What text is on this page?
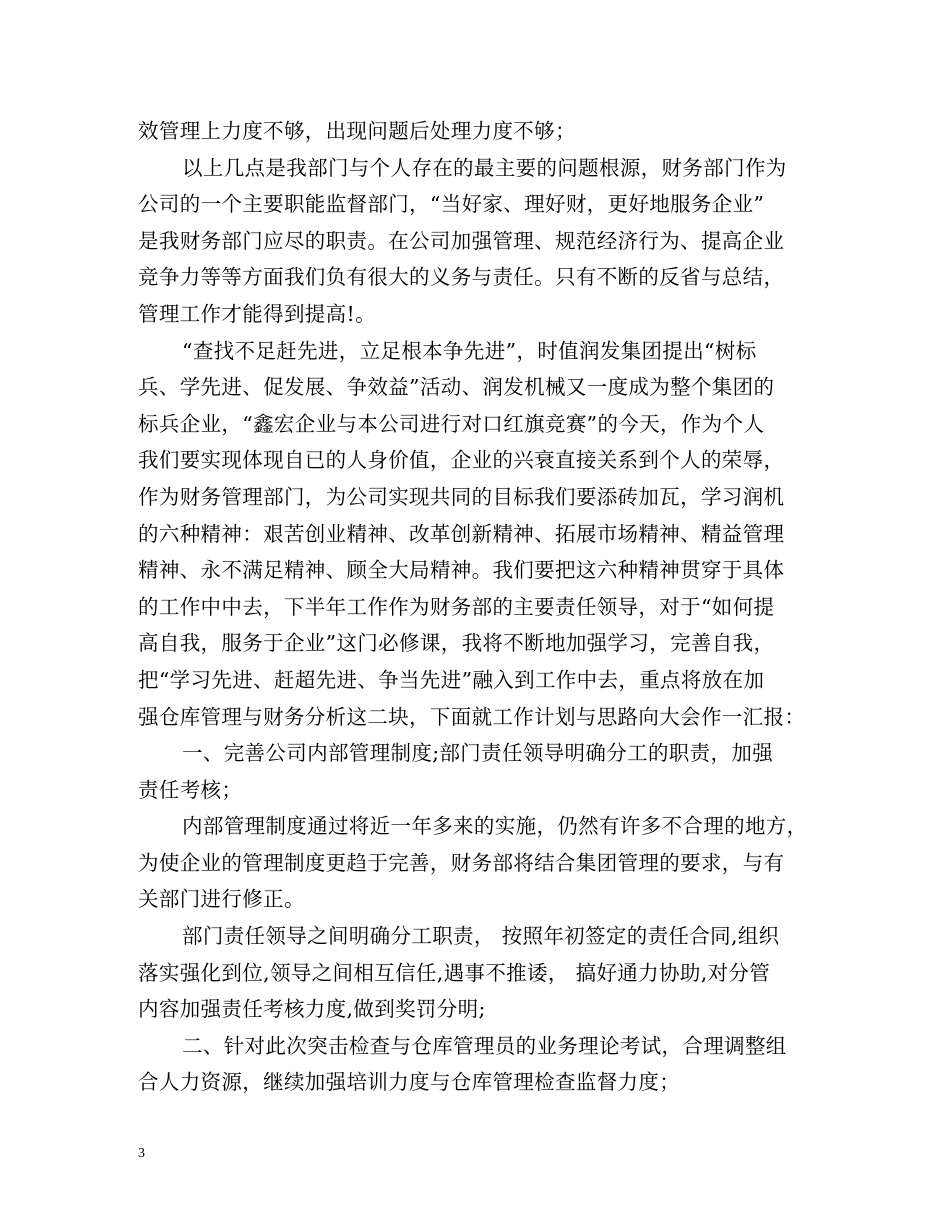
效管理上力度不够，出现问题后处理力度不够；
以上几点是我部门与个人存在的最主要的问题根源，财务部门作为
公司的一个主要职能监督部门，“当好家、理好财，更好地服务企业”
是我财务部门应尽的职责。在公司加强管理、规范经济行为、提高企业
竞争力等等方面我们负有很大的义务与责任。只有不断的反省与总结，
管理工作才能得到提高!。
“查找不足赶先进，立足根本争先进”，时值润发集团提出“树标
兵、学先进、促发展、争效益”活动、润发机械又一度成为整个集团的
标兵企业，“鑫宏企业与本公司进行对口红旗竞赛”的今天，作为个人
我们要实现体现自已的人身价值，企业的兴衰直接关系到个人的荣辱，
作为财务管理部门，为公司实现共同的目标我们要添砖加瓦，学习润机
的六种精神：艰苦创业精神、改革创新精神、拓展市场精神、精益管理
精神、永不满足精神、顾全大局精神。我们要把这六种精神贯穿于具体
的工作中中去，下半年工作作为财务部的主要责任领导，对于“如何提
高自我，服务于企业”这门必修课，我将不断地加强学习，完善自我，
把“学习先进、赶超先进、争当先进”融入到工作中去，重点将放在加
强仓库管理与财务分析这二块，下面就工作计划与思路向大会作一汇报：
一、完善公司内部管理制度;部门责任领导明确分工的职责，加强
责任考核；
内部管理制度通过将近一年多来的实施，仍然有许多不合理的地方，
为使企业的管理制度更趋于完善，财务部将结合集团管理的要求，与有
关部门进行修正。
部门责任领导之间明确分工职责， 按照年初签定的责任合同,组织
落实强化到位,领导之间相互信任,遇事不推诿， 搞好通力协助,对分管
内容加强责任考核力度,做到奖罚分明;
二、针对此次突击检查与仓库管理员的业务理论考试，合理调整组
合人力资源，继续加强培训力度与仓库管理检查监督力度；
3
